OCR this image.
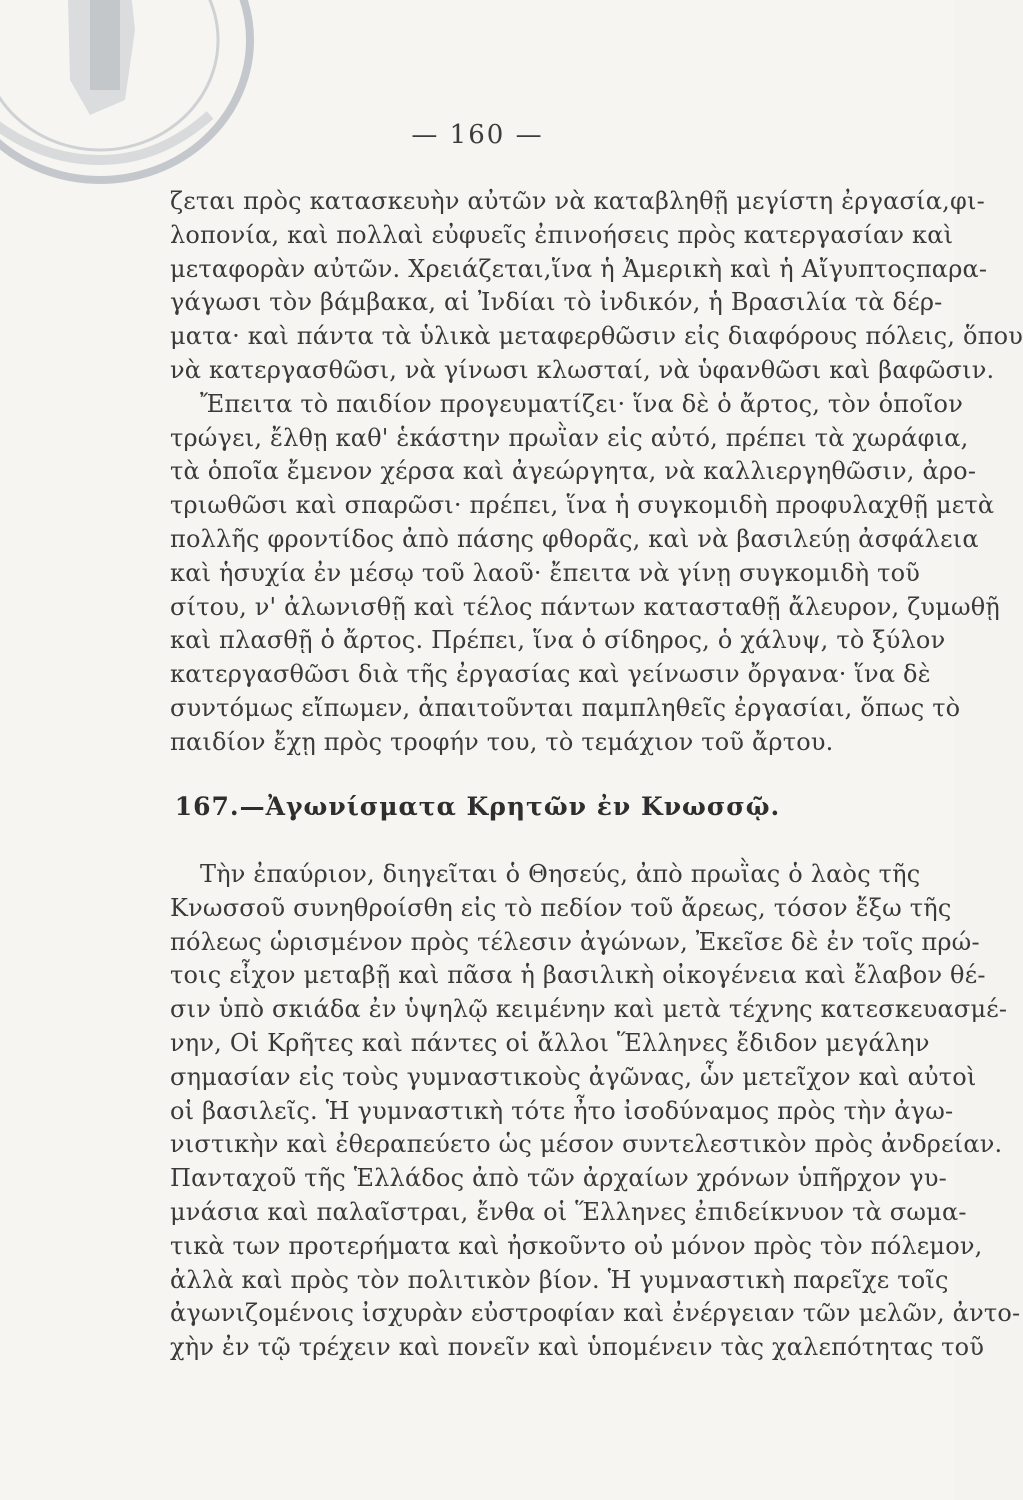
— 160 —
ζεται πρὸς κατασκευὴν αὐτῶν νὰ καταβληθῇ μεγίστη ἐργασία,φι-
λοπονία, καὶ πολλαὶ εὐφυεῖς ἐπινοήσεις πρὸς κατεργασίαν καὶ
μεταφορὰν αὐτῶν. Χρειάζεται,ἵνα ἡ Ἀμερικὴ καὶ ἡ Αἴγυπτοςπαρα-
γάγωσι τὸν βάμβακα, αἱ Ἰνδίαι τὸ ἰνδικόν, ἡ Βρασιλία τὰ δέρ-
ματα· καὶ πάντα τὰ ὑλικὰ μεταφερθῶσιν εἰς διαφόρους πόλεις, ὅπου
νὰ κατεργασθῶσι, νὰ γίνωσι κλωσταί, νὰ ὑφανθῶσι καὶ βαφῶσιν.
Ἔπειτα τὸ παιδίον προγευματίζει· ἵνα δὲ ὁ ἄρτος, τὸν ὁποῖον
τρώγει, ἔλθῃ καθ' ἑκάστην πρωῒαν εἰς αὐτό, πρέπει τὰ χωράφια,
τὰ ὁποῖα ἔμενον χέρσα καὶ ἀγεώργητα, νὰ καλλιεργηθῶσιν, ἀρο-
τριωθῶσι καὶ σπαρῶσι· πρέπει, ἵνα ἡ συγκομιδὴ προφυλαχθῇ μετὰ
πολλῆς φροντίδος ἀπὸ πάσης φθορᾶς, καὶ νὰ βασιλεύῃ ἀσφάλεια
καὶ ἡσυχία ἐν μέσῳ τοῦ λαοῦ· ἔπειτα νὰ γίνῃ συγκομιδὴ τοῦ
σίτου, ν' ἀλωνισθῇ καὶ τέλος πάντων κατασταθῇ ἄλευρον, ζυμωθῇ
καὶ πλασθῇ ὁ ἄρτος. Πρέπει, ἵνα ὁ σίδηρος, ὁ χάλυψ, τὸ ξύλον
κατεργασθῶσι διὰ τῆς ἐργασίας καὶ γείνωσιν ὄργανα· ἵνα δὲ
συντόμως εἴπωμεν, ἀπαιτοῦνται παμπληθεῖς ἐργασίαι, ὅπως τὸ
παιδίον ἔχῃ πρὸς τροφήν του, τὸ τεμάχιον τοῦ ἄρτου.
167.—Ἀγωνίσματα Κρητῶν ἐν Κνωσσῷ.
Τὴν ἐπαύριον, διηγεῖται ὁ Θησεύς, ἀπὸ πρωῒας ὁ λαὸς τῆς
Κνωσσοῦ συνηθροίσθη εἰς τὸ πεδίον τοῦ ἄρεως, τόσον ἔξω τῆς
πόλεως ὡρισμένον πρὸς τέλεσιν ἀγώνων, Ἐκεῖσε δὲ ἐν τοῖς πρώ-
τοις εἶχον μεταβῇ καὶ πᾶσα ἡ βασιλικὴ οἰκογένεια καὶ ἔλαβον θέ-
σιν ὑπὸ σκιάδα ἐν ὑψηλῷ κειμένην καὶ μετὰ τέχνης κατεσκευασμέ-
νην, Οἱ Κρῆτες καὶ πάντες οἱ ἄλλοι Ἕλληνες ἔδιδον μεγάλην
σημασίαν εἰς τοὺς γυμναστικοὺς ἀγῶνας, ὧν μετεῖχον καὶ αὐτοὶ
οἱ βασιλεῖς. Ἡ γυμναστικὴ τότε ἦτο ἰσοδύναμος πρὸς τὴν ἀγω-
νιστικὴν καὶ ἐθεραπεύετο ὡς μέσον συντελεστικὸν πρὸς ἀνδρείαν.
Πανταχοῦ τῆς Ἑλλάδος ἀπὸ τῶν ἀρχαίων χρόνων ὑπῆρχον γυ-
μνάσια καὶ παλαῖστραι, ἔνθα οἱ Ἕλληνες ἐπιδείκνυον τὰ σωμα-
τικὰ των προτερήματα καὶ ἠσκοῦντο οὐ μόνον πρὸς τὸν πόλεμον,
ἀλλὰ καὶ πρὸς τὸν πολιτικὸν βίον. Ἡ γυμναστικὴ παρεῖχε τοῖς
ἀγωνιζομένοις ἰσχυρὰν εὐστροφίαν καὶ ἐνέργειαν τῶν μελῶν, ἀντο-
χὴν ἐν τῷ τρέχειν καὶ πονεῖν καὶ ὑπομένειν τὰς χαλεπότητας τοῦ
